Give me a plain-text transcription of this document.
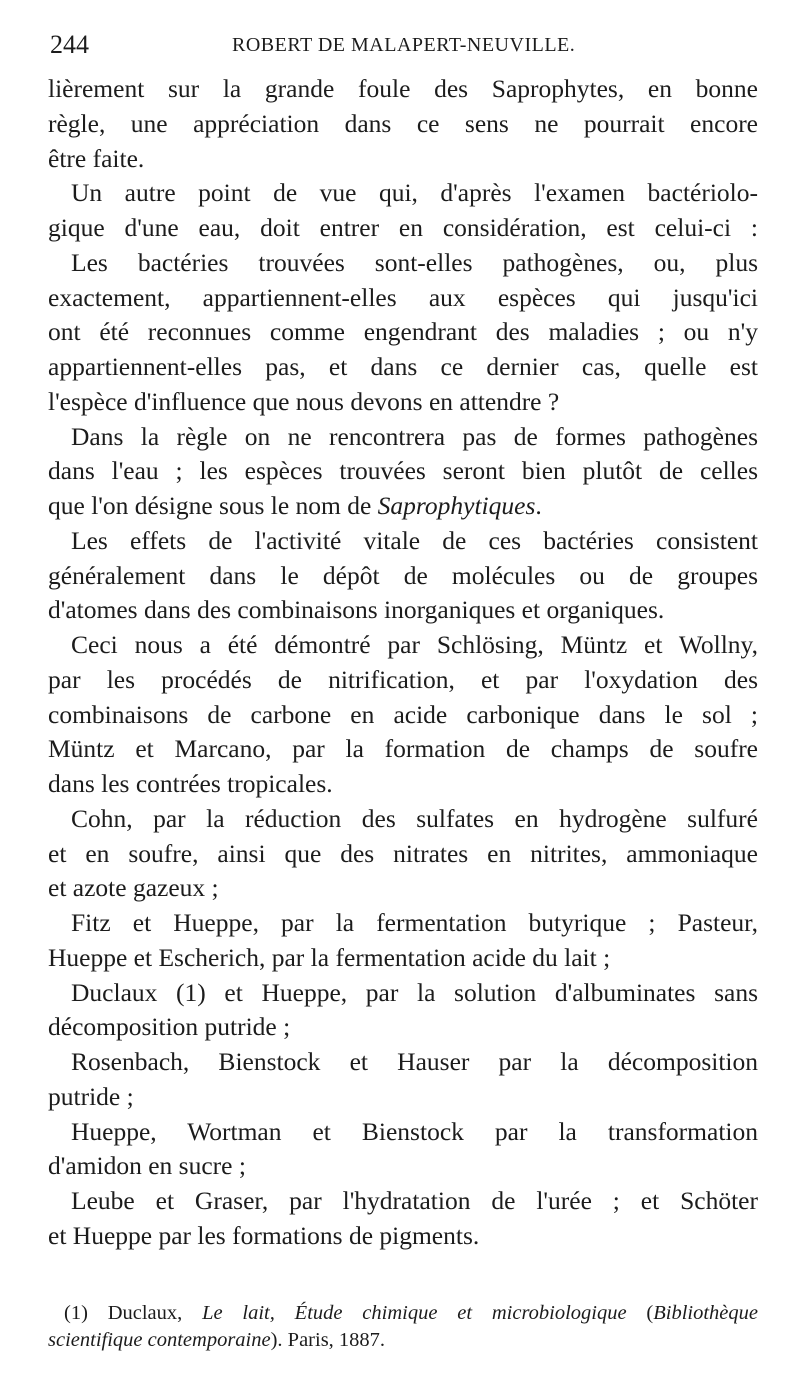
244	ROBERT DE MALAPERT-NEUVILLE.
lièrement sur la grande foule des Saprophytes, en bonne
règle, une appréciation dans ce sens ne pourrait encore
être faite.
Un autre point de vue qui, d'après l'examen bactériolo-
gique d'une eau, doit entrer en considération, est celui-ci :
Les bactéries trouvées sont-elles pathogènes, ou, plus
exactement, appartiennent-elles aux espèces qui jusqu'ici
ont été reconnues comme engendrant des maladies ; ou n'y
appartiennent-elles pas, et dans ce dernier cas, quelle est
l'espèce d'influence que nous devons en attendre ?
Dans la règle on ne rencontrera pas de formes pathogènes
dans l'eau ; les espèces trouvées seront bien plutôt de celles
que l'on désigne sous le nom de Saprophytiques.
Les effets de l'activité vitale de ces bactéries consistent
généralement dans le dépôt de molécules ou de groupes
d'atomes dans des combinaisons inorganiques et organiques.
Ceci nous a été démontré par Schlösing, Müntz et Wollny,
par les procédés de nitrification, et par l'oxydation des
combinaisons de carbone en acide carbonique dans le sol ;
Müntz et Marcano, par la formation de champs de soufre
dans les contrées tropicales.
Cohn, par la réduction des sulfates en hydrogène sulfuré
et en soufre, ainsi que des nitrates en nitrites, ammoniaque
et azote gazeux ;
Fitz et Hueppe, par la fermentation butyrique ; Pasteur,
Hueppe et Escherich, par la fermentation acide du lait ;
Duclaux (1) et Hueppe, par la solution d'albuminates sans
décomposition putride ;
Rosenbach, Bienstock et Hauser par la décomposition
putride ;
Hueppe, Wortman et Bienstock par la transformation
d'amidon en sucre ;
Leube et Graser, par l'hydratation de l'urée ; et Schöter
et Hueppe par les formations de pigments.
(1) Duclaux, Le lait, Étude chimique et microbiologique (Bibliothèque
scientifique contemporaine). Paris, 1887.
